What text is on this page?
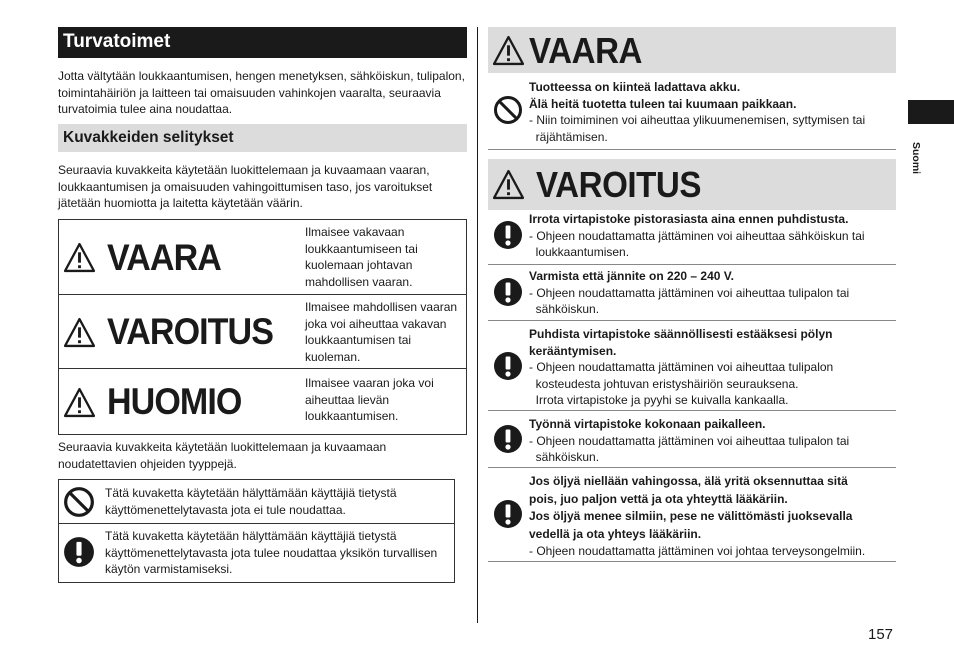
Turvatoimet
Jotta vältytään loukkaantumisen, hengen menetyksen, sähköiskun, tulipalon, toimintahäiriön ja laitteen tai omaisuuden vahinkojen vaaralta, seuraavia turvatoimia tulee aina noudattaa.
Kuvakkeiden selitykset
Seuraavia kuvakkeita käytetään luokittelemaan ja kuvaamaan vaaran, loukkaantumisen ja omaisuuden vahingoittumisen taso, jos varoitukset jätetään huomiotta ja laitetta käytetään väärin.
VAARA
Ilmaisee vakavaan loukkaantumiseen tai kuolemaan johtavan mahdollisen vaaran.
VAROITUS
Ilmaisee mahdollisen vaaran joka voi aiheuttaa vakavan loukkaantumisen tai kuoleman.
HUOMIO	Ilmaisee vaaran joka voi aiheuttaa lievän loukkaantumisen.
Seuraavia kuvakkeita käytetään luokittelemaan ja kuvaamaan noudatettavien ohjeiden tyyppejä.
Tätä kuvaketta käytetään hälyttämään käyttäjiä tietystä käyttömenettelytavasta jota ei tule noudattaa.
Tätä kuvaketta käytetään hälyttämään käyttäjiä tietystä käyttömenettelytavasta jota tulee noudattaa yksikön turvallisen käytön varmistamiseksi.
VAARA
Tuotteessa on kiinteä ladattava akku.
Älä heitä tuotetta tuleen tai kuumaan paikkaan.
- Niin toimiminen voi aiheuttaa ylikuumenemisen, syttymisen tai
räjähtämisen.
VAROITUS
Irrota virtapistoke pistorasiasta aina ennen puhdistusta.
- Ohjeen noudattamatta jättäminen voi aiheuttaa sähköiskun tai
loukkaantumisen.
Varmista että jännite on 220 – 240 V.
- Ohjeen noudattamatta jättäminen voi aiheuttaa tulipalon tai
sähköiskun.
Puhdista virtapistoke säännöllisesti estääksesi pölyn
kerääntymisen.
- Ohjeen noudattamatta jättäminen voi aiheuttaa tulipalon
kosteudesta johtuvan eristyshäiriön seurauksena.
Irrota virtapistoke ja pyyhi se kuivalla kankaalla.
Työnnä virtapistoke kokonaan paikalleen.
- Ohjeen noudattamatta jättäminen voi aiheuttaa tulipalon tai
sähköiskun.
Jos öljyä niellään vahingossa, älä yritä oksennuttaa sitä
pois, juo paljon vettä ja ota yhteyttä lääkäriin.
Jos öljyä menee silmiin, pese ne välittömästi juoksevalla
vedellä ja ota yhteys lääkäriin.
- Ohjeen noudattamatta jättäminen voi johtaa terveysongelmiin.
Suomi
157
